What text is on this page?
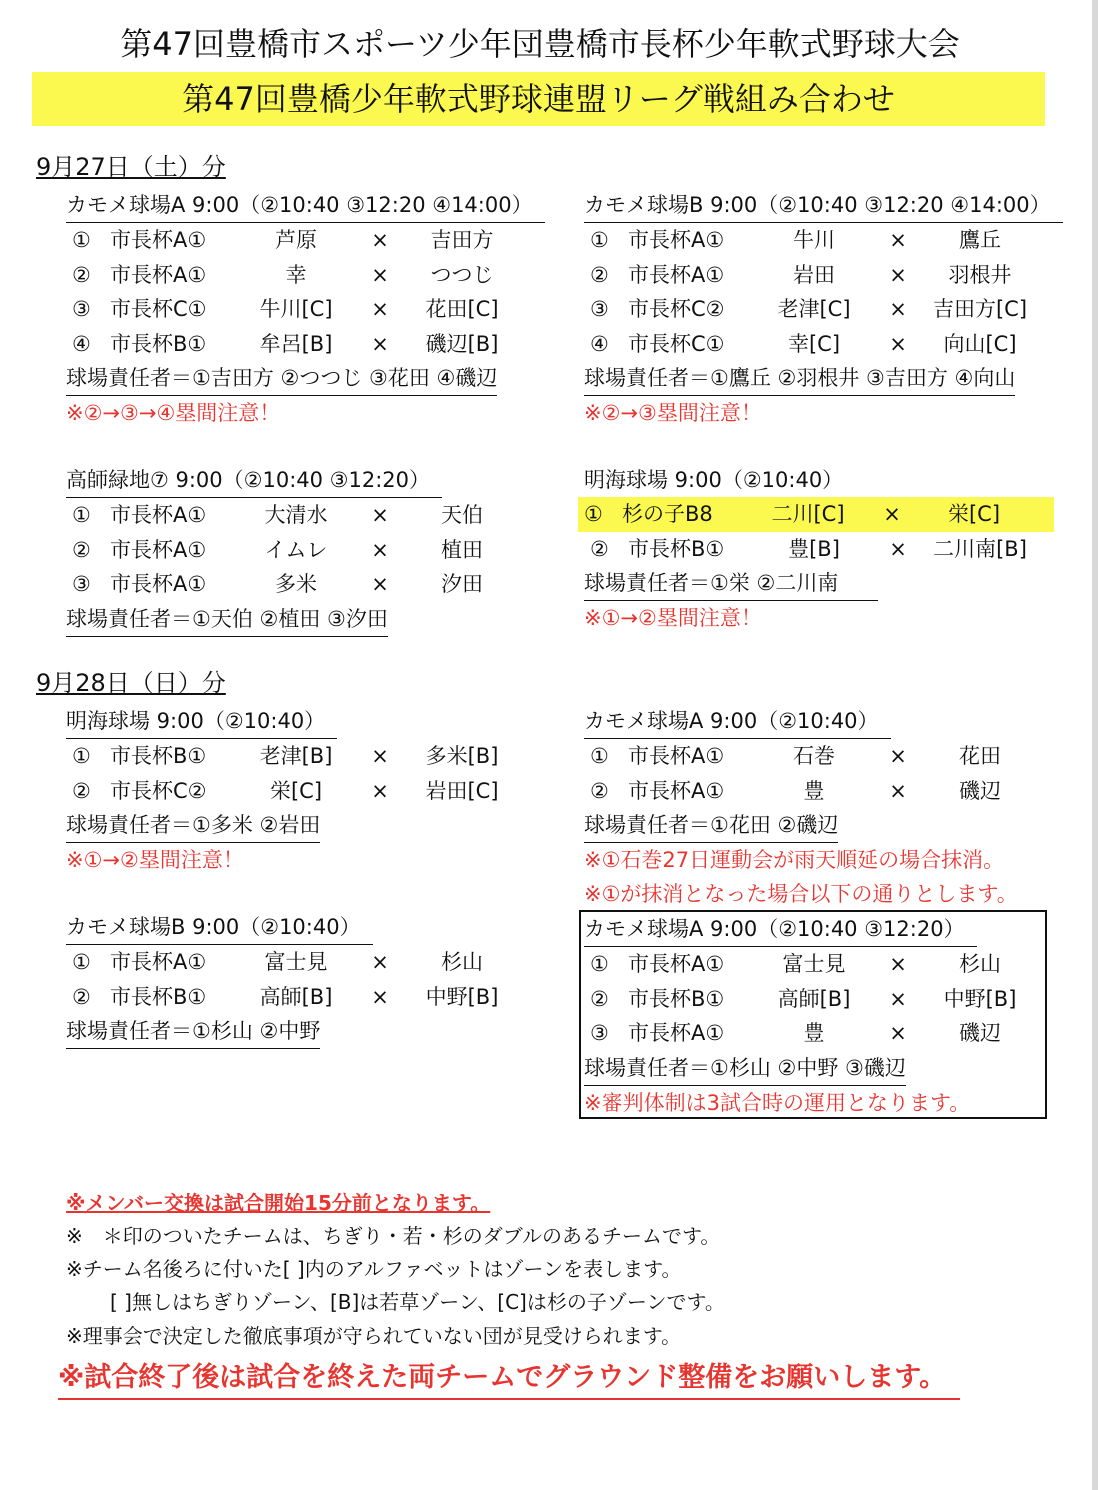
第47回豊橋市スポーツ少年団豊橋市長杯少年軟式野球大会
第47回豊橋少年軟式野球連盟リーグ戦組み合わせ
9月27日（土）分
カモメ球場A 9:00（②10:40 ③12:20 ④14:00）
① 市長杯A①	芦原	×	吉田方
② 市長杯A①	幸	×	つつじ
③ 市長杯C①	牛川[C]	×	花田[C]
④ 市長杯B①	牟呂[B]	×	磯辺[B]
球場責任者＝①吉田方 ②つつじ ③花田 ④磯辺
※②→③→④塁間注意！
カモメ球場B 9:00（②10:40 ③12:20 ④14:00）
① 市長杯A①	牛川	×	鷹丘
② 市長杯A①	岩田	×	羽根井
③ 市長杯C②	老津[C]	×	吉田方[C]
④ 市長杯C①	幸[C]	×	向山[C]
球場責任者＝①鷹丘 ②羽根井 ③吉田方 ④向山
※②→③塁間注意！
高師緑地⑦ 9:00（②10:40 ③12:20）
① 市長杯A①	大清水	×	天伯
② 市長杯A①	イムレ	×	植田
③ 市長杯A①	多米	×	汐田
球場責任者＝①天伯 ②植田 ③汐田
明海球場 9:00（②10:40）
① 杉の子B8	二川[C]	×	栄[C]
② 市長杯B①	豊[B]	×	二川南[B]
球場責任者＝①栄 ②二川南
※①→②塁間注意！
9月28日（日）分
明海球場 9:00（②10:40）
① 市長杯B①	老津[B]	×	多米[B]
② 市長杯C②	栄[C]	×	岩田[C]
球場責任者＝①多米 ②岩田
※①→②塁間注意！
カモメ球場A 9:00（②10:40）
① 市長杯A①	石巻	×	花田
② 市長杯A①	豊	×	磯辺
球場責任者＝①花田 ②磯辺
※①石巻27日運動会が雨天順延の場合抹消。
※①が抹消となった場合以下の通りとします。
カモメ球場B 9:00（②10:40）
① 市長杯A①	富士見	×	杉山
② 市長杯B①	高師[B]	×	中野[B]
球場責任者＝①杉山 ②中野
カモメ球場A 9:00（②10:40 ③12:20）
① 市長杯A①	富士見	×	杉山
② 市長杯B①	高師[B]	×	中野[B]
③ 市長杯A①	豊	×	磯辺
球場責任者＝①杉山 ②中野 ③磯辺
※審判体制は3試合時の運用となります。
※メンバー交換は試合開始15分前となります。
※　＊印のついたチームは、ちぎり・若・杉のダブルのあるチームです。
※チーム名後ろに付いた[ ]内のアルファベットはゾーンを表します。
[ ]無しはちぎりゾーン、[B]は若草ゾーン、[C]は杉の子ゾーンです。
※理事会で決定した徹底事項が守られていない団が見受けられます。
※試合終了後は試合を終えた両チームでグラウンド整備をお願いします。
